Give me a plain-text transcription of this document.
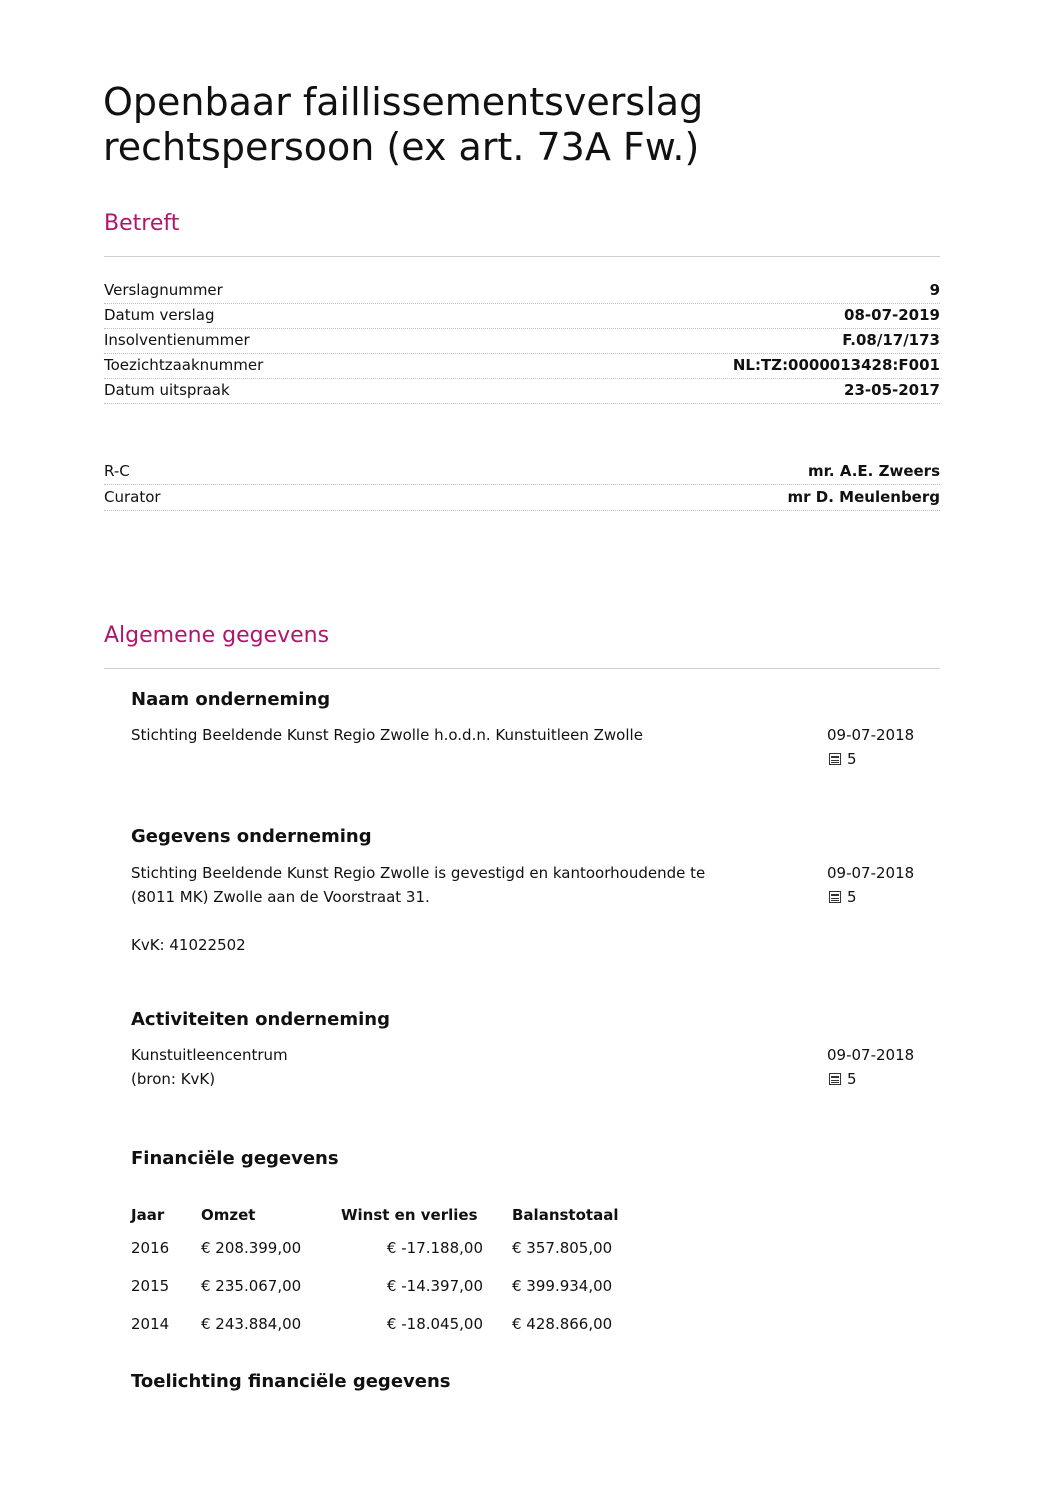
Openbaar faillissementsverslag rechtspersoon (ex art. 73A Fw.)
Betreft
Verslagnummer	9
Datum verslag	08-07-2019
Insolventienummer	F.08/17/173
Toezichtzaaknummer	NL:TZ:0000013428:F001
Datum uitspraak	23-05-2017
R-C	mr. A.E. Zweers
Curator	mr D. Meulenberg
Algemene gegevens
Naam onderneming
Stichting Beeldende Kunst Regio Zwolle h.o.d.n. Kunstuitleen Zwolle	09-07-2018
5
Gegevens onderneming
Stichting Beeldende Kunst Regio Zwolle is gevestigd en kantoorhoudende te
(8011 MK) Zwolle aan de Voorstraat 31.
KvK: 41022502
09-07-2018
5
Activiteiten onderneming
Kunstuitleencentrum
(bron: KvK)
09-07-2018
5
Financiële gegevens
Jaar	Omzet	Winst en verlies	Balanstotaal
2016	€ 208.399,00	€ -17.188,00	€ 357.805,00
2015	€ 235.067,00	€ -14.397,00	€ 399.934,00
2014	€ 243.884,00	€ -18.045,00	€ 428.866,00
Toelichting financiële gegevens
